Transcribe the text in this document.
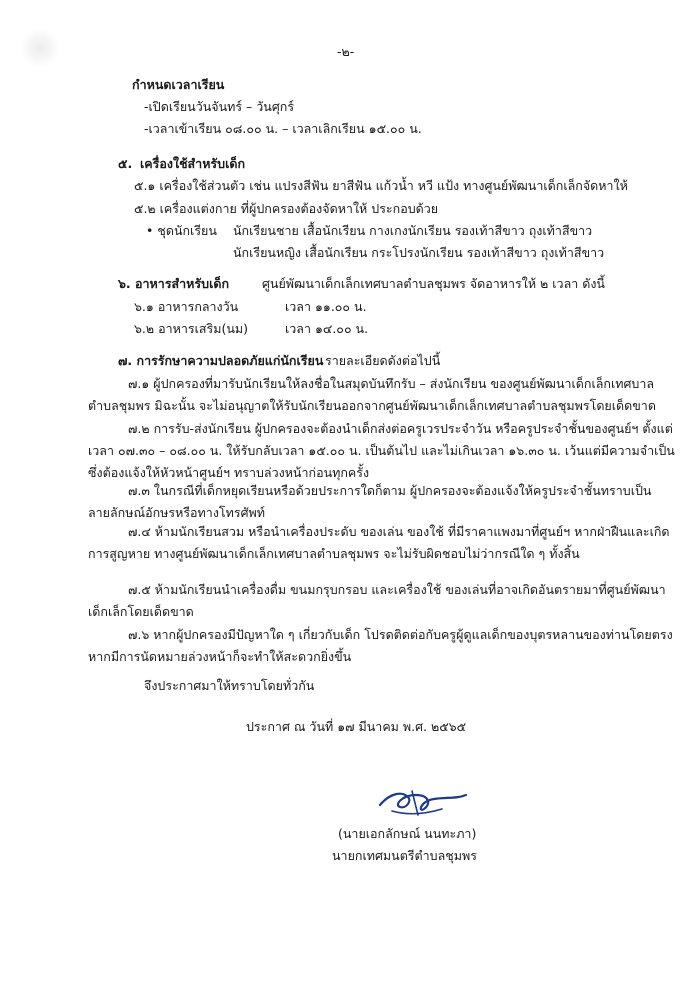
-๒-
กำหนดเวลาเรียน
-เปิดเรียนวันจันทร์ – วันศุกร์
-เวลาเข้าเรียน ๐๘.๐๐ น. – เวลาเลิกเรียน ๑๕.๐๐ น.
๕. เครื่องใช้สำหรับเด็ก
๕.๑ เครื่องใช้ส่วนตัว เช่น แปรงสีฟัน ยาสีฟัน แก้วน้ำ หวี แป้ง ทางศูนย์พัฒนาเด็กเล็กจัดหาให้
๕.๒ เครื่องแต่งกาย ที่ผู้ปกครองต้องจัดหาให้ ประกอบด้วย
• ชุดนักเรียน นักเรียนชาย เสื้อนักเรียน กางเกงนักเรียน รองเท้าสีขาว ถุงเท้าสีขาว
นักเรียนหญิง เสื้อนักเรียน กระโปรงนักเรียน รองเท้าสีขาว ถุงเท้าสีขาว
๖. อาหารสำหรับเด็ก	ศูนย์พัฒนาเด็กเล็กเทศบาลตำบลชุมพร จัดอาหารให้ ๒ เวลา ดังนี้
๖.๑ อาหารกลางวัน	เวลา ๑๑.๐๐ น.
๖.๒ อาหารเสริม(นม)	เวลา ๑๔.๐๐ น.
๗. การรักษาความปลอดภัยแก่นักเรียน รายละเอียดดังต่อไปนี้
๗.๑ ผู้ปกครองที่มารับนักเรียนให้ลงชื่อในสมุดบันทึกรับ – ส่งนักเรียน ของศูนย์พัฒนาเด็กเล็กเทศบาล
ตำบลชุมพร มิฉะนั้น จะไม่อนุญาตให้รับนักเรียนออกจากศูนย์พัฒนาเด็กเล็กเทศบาลตำบลชุมพรโดยเด็ดขาด
๗.๒ การรับ-ส่งนักเรียน ผู้ปกครองจะต้องนำเด็กส่งต่อครูเวรประจำวัน หรือครูประจำชั้นของศูนย์ฯ ตั้งแต่
เวลา ๐๗.๓๐ – ๐๘.๐๐ น. ให้รับกลับเวลา ๑๕.๐๐ น. เป็นต้นไป และไม่เกินเวลา ๑๖.๓๐ น. เว้นแต่มีความจำเป็น
ซึ่งต้องแจ้งให้หัวหน้าศูนย์ฯ ทราบล่วงหน้าก่อนทุกครั้ง
๗.๓ ในกรณีที่เด็กหยุดเรียนหรือด้วยประการใดก็ตาม ผู้ปกครองจะต้องแจ้งให้ครูประจำชั้นทราบเป็น
ลายลักษณ์อักษรหรือทางโทรศัพท์
๗.๔ ห้ามนักเรียนสวม หรือนำเครื่องประดับ ของเล่น ของใช้ ที่มีราคาแพงมาที่ศูนย์ฯ หากฝ่าฝืนและเกิด
การสูญหาย ทางศูนย์พัฒนาเด็กเล็กเทศบาลตำบลชุมพร จะไม่รับผิดชอบไม่ว่ากรณีใด ๆ ทั้งสิ้น
๗.๕ ห้ามนักเรียนนำเครื่องดื่ม ขนมกรุบกรอบ และเครื่องใช้ ของเล่นที่อาจเกิดอันตรายมาที่ศูนย์พัฒนา
เด็กเล็กโดยเด็ดขาด
๗.๖ หากผู้ปกครองมีปัญหาใด ๆ เกี่ยวกับเด็ก โปรดติดต่อกับครูผู้ดูแลเด็กของบุตรหลานของท่านโดยตรง
หากมีการนัดหมายล่วงหน้าก็จะทำให้สะดวกยิ่งขึ้น
จึงประกาศมาให้ทราบโดยทั่วกัน
ประกาศ ณ วันที่ ๑๗ มีนาคม พ.ศ. ๒๕๖๕
(นายเอกลักษณ์ นนทะภา)
นายกเทศมนตรีตำบลชุมพร
